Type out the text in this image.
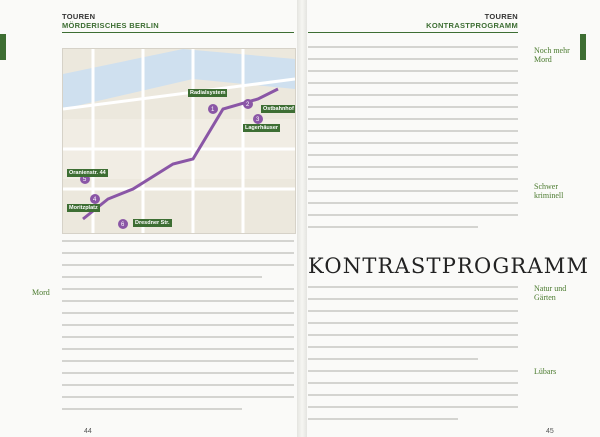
TOUREN
MÖRDERISCHES BERLIN
1
2
3
4
5
6
Radialsystem
Oranienstr. 44
Moritzplatz
Dresdner Str.
Lagerhäuser
Ostbahnhof
Mord
44
TOUREN
KONTRASTPROGRAMM
Noch mehr Mord
Schwer kriminell
KONTRASTPROGRAMM
Natur und Gärten
Lübars
45
